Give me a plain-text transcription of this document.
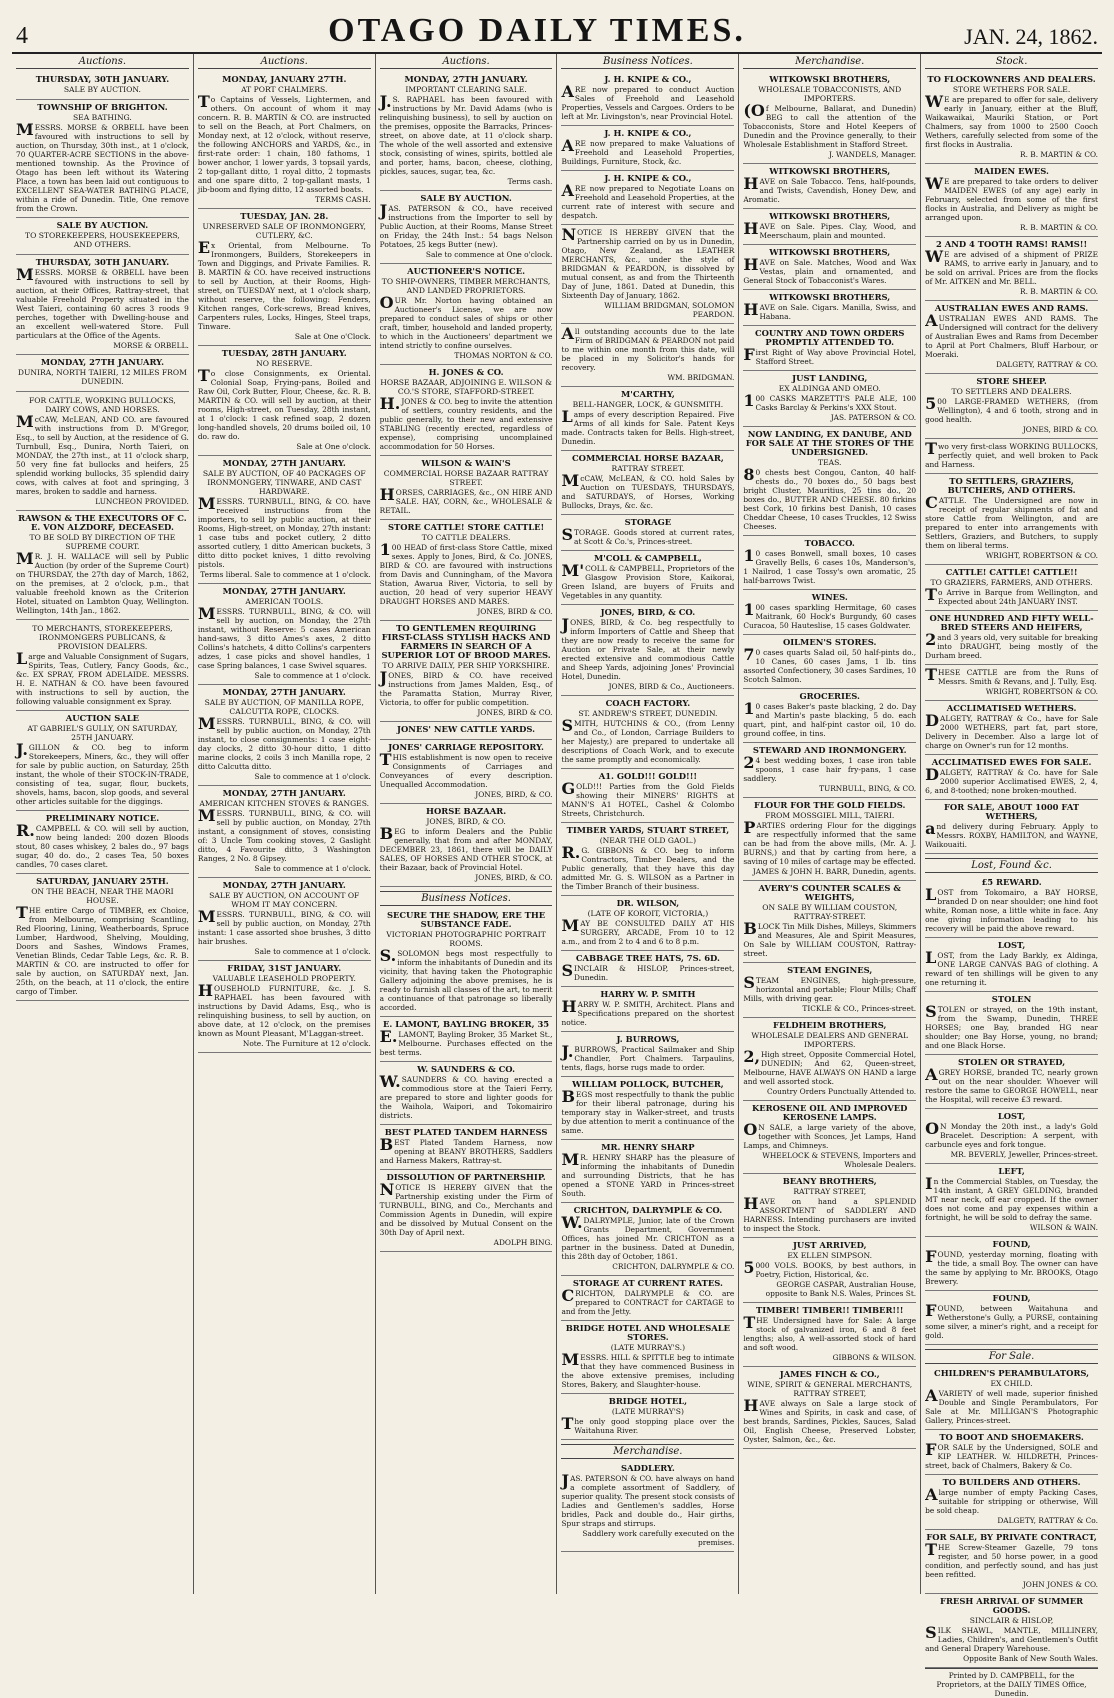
4	OTAGO DAILY TIMES.	JAN. 24, 1862.
Auctions.
THURSDAY, 30TH JANUARY.
SALE BY AUCTION.
TOWNSHIP OF BRIGHTON.
SEA BATHING.
MESSRS. MORSE & ORBELL have been favoured with instructions to sell by auction, on Thursday, 30th inst., at 1 o'clock, 70 QUARTER-ACRE SECTIONS in the above-mentioned township. As the Province of Otago has been left without its Watering Place, a town has been laid out contiguous to EXCELLENT SEA-WATER BATHING PLACE, within a ride of Dunedin. Title, One remove from the Crown.
SALE BY AUCTION.
TO STOREKEEPERS, HOUSEKEEPERS, AND OTHERS.
THURSDAY, 30TH JANUARY.
MESSRS. MORSE & ORBELL have been favoured with instructions to sell by auction, at their Offices, Rattray-street, that valuable Freehold Property situated in the West Taieri, containing 60 acres 3 roods 9 perches, together with Dwelling-house and an excellent well-watered Store. Full particulars at the Office of the Agents.
MORSE & ORBELL.
MONDAY, 27TH JANUARY.
DUNIRA, NORTH TAIERI, 12 MILES FROM DUNEDIN.
FOR CATTLE, WORKING BULLOCKS, DAIRY COWS, AND HORSES.
McCAW, McLEAN, AND CO. are favoured with instructions from D. M'Gregor, Esq., to sell by Auction, at the residence of G. Turnbull, Esq., Dunira, North Taieri, on MONDAY, the 27th inst., at 11 o'clock sharp, 50 very fine fat bullocks and heifers, 25 splendid working bullocks, 35 splendid dairy cows, with calves at foot and springing, 3 mares, broken to saddle and harness.
LUNCHEON PROVIDED.
RAWSON & THE EXECUTORS OF C. E. VON ALZDORF, DECEASED.
TO BE SOLD BY DIRECTION OF THE SUPREME COURT.
MR. J. H. WALLACE will sell by Public Auction (by order of the Supreme Court) on THURSDAY, the 27th day of March, 1862, on the premises, at 2 o'clock, p.m., that valuable freehold known as the Criterion Hotel, situated on Lambton Quay, Wellington. Wellington, 14th Jan., 1862.
TO MERCHANTS, STOREKEEPERS, IRONMONGERS PUBLICANS, & PROVISION DEALERS.
Large and Valuable Consignment of Sugars, Spirits, Teas, Cutlery, Fancy Goods, &c., &c. EX SPRAY, FROM ADELAIDE. MESSRS. H. E. NATHAN & CO. have been favoured with instructions to sell by auction, the following valuable consignment ex Spray.
AUCTION SALE
AT GABRIEL'S GULLY, ON SATURDAY, 25TH JANUARY.
J.GILLON & CO. beg to inform Storekeepers, Miners, &c., they will offer for sale by public auction, on Saturday, 25th instant, the whole of their STOCK-IN-TRADE, consisting of tea, sugar, flour, buckets, shovels, hams, bacon, slop goods, and several other articles suitable for the diggings.
PRELIMINARY NOTICE.
R.CAMPBELL & CO. will sell by auction, now being landed: 200 dozen Bloods stout, 80 cases whiskey, 2 bales do., 97 bags sugar, 40 do. do., 2 cases Tea, 50 boxes candles, 70 cases claret.
SATURDAY, JANUARY 25TH.
ON THE BEACH, NEAR THE MAORI HOUSE.
THE entire Cargo of TIMBER, ex Choice, from Melbourne, comprising Scantling, Red Flooring, Lining, Weatherboards, Spruce Lumber, Hardwood, Shelving, Moulding, Doors and Sashes, Windows Frames, Venetian Blinds, Cedar Table Legs, &c. R. B. MARTIN & CO. are instructed to offer for sale by auction, on SATURDAY next, Jan. 25th, on the beach, at 11 o'clock, the entire cargo of Timber.
Auctions.
MONDAY, JANUARY 27TH.
AT PORT CHALMERS.
To Captains of Vessels, Lightermen, and others. On account of whom it may concern. R. B. MARTIN & CO. are instructed to sell on the Beach, at Port Chalmers, on Monday next, at 12 o'clock, without reserve, the following ANCHORS and YARDS, &c., in first-rate order: 1 chain, 180 fathoms, 1 bower anchor, 1 lower yards, 3 topsail yards, 2 top-gallant ditto, 1 royal ditto, 2 topmasts and one spare ditto, 2 top-gallant masts, 1 jib-boom and flying ditto, 12 assorted boats.
TERMS CASH.
TUESDAY, JAN. 28.
UNRESERVED SALE OF IRONMONGERY, CUTLERY, &C.
Ex Oriental, from Melbourne. To Ironmongers, Builders, Storekeepers in Town and Diggings, and Private Families. R. B. MARTIN & CO. have received instructions to sell by Auction, at their Rooms, High-street, on TUESDAY next, at 1 o'clock sharp, without reserve, the following: Fenders, Kitchen ranges, Cork-screws, Bread knives, Carpenters rules, Locks, Hinges, Steel traps, Tinware.
Sale at One o'Clock.
TUESDAY, 28TH JANUARY.
NO RESERVE.
To close Consignments, ex Oriental. Colonial Soap, Frying-pans, Boiled and Raw Oil, Cork Butter, Flour, Cheese, &c. R. B. MARTIN & CO. will sell by auction, at their rooms, High-street, on Tuesday, 28th instant, at 1 o'clock: 1 cask refined soap, 2 dozen long-handled shovels, 20 drums boiled oil, 10 do. raw do.
Sale at One o'clock.
MONDAY, 27TH JANUARY.
SALE BY AUCTION, OF 40 PACKAGES OF IRONMONGERY, TINWARE, AND CAST HARDWARE.
MESSRS. TURNBULL, BING, & CO. have received instructions from the importers, to sell by public auction, at their Rooms, High-street, on Monday, 27th instant: 1 case tubs and pocket cutlery, 2 ditto assorted cutlery, 1 ditto American buckets, 3 ditto ditto pocket knives, 1 ditto revolving pistols.
Terms liberal. Sale to commence at 1 o'clock.
MONDAY, 27TH JANUARY.
AMERICAN TOOLS.
MESSRS. TURNBULL, BING, & CO. will sell by auction, on Monday, the 27th instant, without Reserve: 5 cases American hand-saws, 3 ditto Ames's axes, 2 ditto Collins's hatchets, 4 ditto Collins's carpenters adzes, 1 case picks and shovel handles, 1 case Spring balances, 1 case Swivel squares.
Sale to commence at 1 o'clock.
MONDAY, 27TH JANUARY.
SALE BY AUCTION, OF MANILLA ROPE, CALCUTTA ROPE, CLOCKS.
MESSRS. TURNBULL, BING, & CO. will sell by public auction, on Monday, 27th instant, to close consignments: 1 case eight-day clocks, 2 ditto 30-hour ditto, 1 ditto marine clocks, 2 coils 3 inch Manilla rope, 2 ditto Calcutta ditto.
Sale to commence at 1 o'clock.
MONDAY, 27TH JANUARY.
AMERICAN KITCHEN STOVES & RANGES.
MESSRS. TURNBULL, BING, & CO. will sell by public auction, on Monday, 27th instant, a consignment of stoves, consisting of: 3 Uncle Tom cooking stoves, 2 Gaslight ditto, 4 Favourite ditto, 3 Washington Ranges, 2 No. 8 Gipsey.
Sale to commence at 1 o'clock.
MONDAY, 27TH JANUARY.
SALE BY AUCTION, ON ACCOUNT OF WHOM IT MAY CONCERN.
MESSRS. TURNBULL, BING, & CO. will sell by public auction, on Monday, 27th instant: 1 case assorted shoe brushes, 3 ditto hair brushes.
Sale to commence at 1 o'clock.
FRIDAY, 31ST JANUARY.
VALUABLE LEASEHOLD PROPERTY.
HOUSEHOLD FURNITURE, &c. J. S. RAPHAEL has been favoured with instructions by David Adams, Esq., who is relinquishing business, to sell by auction, on above date, at 12 o'clock, on the premises known as Mount Pleasant, M'Laggan-street.
Note. The Furniture at 12 o'clock.
Auctions.
MONDAY, 27TH JANUARY.
IMPORTANT CLEARING SALE.
J.S. RAPHAEL has been favoured with instructions by Mr. David Adams (who is relinquishing business), to sell by auction on the premises, opposite the Barracks, Princes-street, on above date, at 11 o'clock sharp. The whole of the well assorted and extensive stock, consisting of wines, spirits, bottled ale and porter, hams, bacon, cheese, clothing, pickles, sauces, sugar, tea, &c.
Terms cash.
SALE BY AUCTION.
JAS. PATERSON & CO., have received instructions from the Importer to sell by Public Auction, at their Rooms, Manse Street on Friday, the 24th Inst.: 54 bags Nelson Potatoes, 25 kegs Butter (new).
Sale to commence at One o'clock.
AUCTIONEER'S NOTICE.
TO SHIP-OWNERS, TIMBER MERCHANTS, AND LANDED PROPRIETORS.
OUR Mr. Norton having obtained an Auctioneer's License, we are now prepared to conduct sales of ships or other craft, timber, household and landed property, to which in the Auctioneers' department we intend strictly to confine ourselves.
THOMAS NORTON & CO.
H. JONES & CO.
HORSE BAZAAR, ADJOINING E. WILSON & CO.'S STORE, STAFFORD-STREET.
H.JONES & CO. beg to invite the attention of settlers, country residents, and the public generally, to their new and extensive STABLING (recently erected, regardless of expense), comprising uncomplained accommodation for 50 Horses.
WILSON & WAIN'S
COMMERCIAL HORSE BAZAAR RATTRAY STREET.
HORSES, CARRIAGES, &c., ON HIRE AND SALE. HAY, CORN, &c., WHOLESALE & RETAIL.
STORE CATTLE! STORE CATTLE!
TO CATTLE DEALERS.
100 HEAD of first-class Store Cattle, mixed sexes. Apply to Jones, Bird, & Co. JONES, BIRD & CO. are favoured with instructions from Davis and Cunningham, of the Mavora Station, Awarua River, Victoria, to sell by auction, 20 head of very superior HEAVY DRAUGHT HORSES AND MARES.
JONES, BIRD & CO.
TO GENTLEMEN REQUIRING FIRST-CLASS STYLISH HACKS AND FARMERS IN SEARCH OF A SUPERIOR LOT OF BROOD MARES.
TO ARRIVE DAILY, PER SHIP YORKSHIRE.
JONES, BIRD & CO. have received instructions from James Malden, Esq., of the Paramatta Station, Murray River, Victoria, to offer for public competition.
JONES, BIRD & CO.
JONES' NEW CATTLE YARDS.
JONES' CARRIAGE REPOSITORY.
THIS establishment is now open to receive Consignments of Carriages and Conveyances of every description. Unequalled Accommodation.
JONES, BIRD, & CO.
HORSE BAZAAR.
JONES, BIRD, & CO.
BEG to inform Dealers and the Public generally, that from and after MONDAY, DECEMBER 23, 1861, there will be DAILY SALES, OF HORSES AND OTHER STOCK, at their Bazaar, back of Provincial Hotel.
JONES, BIRD, & CO.
Business Notices.
SECURE THE SHADOW, ERE THE SUBSTANCE FADE.
VICTORIAN PHOTOGRAPHIC PORTRAIT ROOMS.
S.SOLOMON begs most respectfully to inform the inhabitants of Dunedin and its vicinity, that having taken the Photographic Gallery adjoining the above premises, he is ready to furnish all classes of the art, to merit a continuance of that patronage so liberally accorded.
E. LAMONT, BAYLING BROKER, 35
E.LAMONT, Bayling Broker, 35 Market St., Melbourne. Purchases effected on the best terms.
W. SAUNDERS & CO.
W.SAUNDERS & CO. having erected a commodious store at the Taieri Ferry, are prepared to store and lighter goods for the Waihola, Waipori, and Tokomairiro districts.
BEST PLATED TANDEM HARNESS
BEST Plated Tandem Harness, now opening at BEANY BROTHERS, Saddlers and Harness Makers, Rattray-st.
DISSOLUTION OF PARTNERSHIP.
NOTICE IS HEREBY GIVEN that the Partnership existing under the Firm of TURNBULL, BING, and Co., Merchants and Commission Agents in Dunedin, will expire and be dissolved by Mutual Consent on the 30th Day of April next.
ADOLPH BING.
Business Notices.
J. H. KNIPE & CO.,
ARE now prepared to conduct Auction Sales of Freehold and Leasehold Properties, Vessels and Cargoes. Orders to be left at Mr. Livingston's, near Provincial Hotel.
J. H. KNIPE & CO.,
ARE now prepared to make Valuations of Freehold and Leasehold Properties, Buildings, Furniture, Stock, &c.
J. H. KNIPE & CO.,
ARE now prepared to Negotiate Loans on Freehold and Leasehold Properties, at the current rate of interest with secure and despatch.
NOTICE IS HEREBY GIVEN that the Partnership carried on by us in Dunedin, Otago, New Zealand, as LEATHER MERCHANTS, &c., under the style of BRIDGMAN & PEARDON, is dissolved by mutual consent, as and from the Thirteenth Day of June, 1861. Dated at Dunedin, this Sixteenth Day of January, 1862.
WILLIAM BRIDGMAN, SOLOMON PEARDON.
All outstanding accounts due to the late Firm of BRIDGMAN & PEARDON not paid to me within one month from this date, will be placed in my Solicitor's hands for recovery.
WM. BRIDGMAN.
M'CARTHY,
BELL-HANGER, LOCK, & GUNSMITH.
Lamps of every description Repaired. Five Arms of all kinds for Sale. Patent Keys made. Contracts taken for Bells. High-street, Dunedin.
COMMERCIAL HORSE BAZAAR,
RATTRAY STREET.
McCAW, McLEAN, & CO. hold Sales by Auction on TUESDAYS, THURSDAYS, and SATURDAYS, of Horses, Working Bullocks, Drays, &c. &c.
STORAGE
STORAGE. Goods stored at current rates, at Scott & Co.'s, Princes-street.
M'COLL & CAMPBELL,
M'COLL & CAMPBELL, Proprietors of the Glasgow Provision Store, Kaikorai, Green Island, are buyers of Fruits and Vegetables in any quantity.
JONES, BIRD, & CO.
JONES, BIRD, & Co. beg respectfully to inform Importers of Cattle and Sheep that they are now ready to receive the same for Auction or Private Sale, at their newly erected extensive and commodious Cattle and Sheep Yards, adjoining Jones' Provincial Hotel, Dunedin.
JONES, BIRD & Co., Auctioneers.
COACH FACTORY.
ST. ANDREW'S STREET, DUNEDIN.
SMITH, HUTCHINS & CO., (from Lenny and Co., of London, Carriage Builders to her Majesty,) are prepared to undertake all descriptions of Coach Work, and to execute the same promptly and economically.
A1. GOLD!!! GOLD!!!
GOLD!!! Parties from the Gold Fields showing their MINERS' RIGHTS at MANN'S A1 HOTEL, Cashel & Colombo Streets, Christchurch.
TIMBER YARDS, STUART STREET,
(NEAR THE OLD GAOL.)
R.G. GIBBONS & CO. beg to inform Contractors, Timber Dealers, and the Public generally, that they have this day admitted Mr. G. S. WILSON as a Partner in the Timber Branch of their business.
DR. WILSON,
(LATE OF KOROIT, VICTORIA,)
MAY BE CONSULTED DAILY AT HIS SURGERY, ARCADE, From 10 to 12 a.m., and from 2 to 4 and 6 to 8 p.m.
CABBAGE TREE HATS, 7S. 6D.
SINCLAIR & HISLOP, Princes-street, Dunedin.
HARRY W. P. SMITH
HARRY W. P. SMITH, Architect. Plans and Specifications prepared on the shortest notice.
J. BURROWS,
J.BURROWS, Practical Sailmaker and Ship Chandler, Port Chalmers. Tarpaulins, tents, flags, horse rugs made to order.
WILLIAM POLLOCK, BUTCHER,
BEGS most respectfully to thank the public for their liberal patronage, during his temporary stay in Walker-street, and trusts by due attention to merit a continuance of the same.
MR. HENRY SHARP
MR. HENRY SHARP has the pleasure of informing the inhabitants of Dunedin and surrounding Districts, that he has opened a STONE YARD in Princes-street South.
CRICHTON, DALRYMPLE & CO.
W.DALRYMPLE, Junior, late of the Crown Grants Department, Government Offices, has joined Mr. CRICHTON as a partner in the business. Dated at Dunedin, this 28th day of October, 1861.
CRICHTON, DALRYMPLE & CO.
STORAGE AT CURRENT RATES.
CRICHTON, DALRYMPLE & CO. are prepared to CONTRACT for CARTAGE to and from the Jetty.
BRIDGE HOTEL AND WHOLESALE STORES.
(LATE MURRAY'S.)
MESSRS. HILL & SPITTLE beg to intimate that they have commenced Business in the above extensive premises, including Stores, Bakery, and Slaughter-house.
BRIDGE HOTEL,
(LATE MURRAY'S)
The only good stopping place over the Waitahuna River.
Merchandise.
SADDLERY.
JAS. PATERSON & CO. have always on hand a complete assortment of Saddlery, of superior quality. The present stock consists of Ladies and Gentlemen's saddles, Horse bridles, Pack and double do., Hair girths, Spur straps and stirrups.
Saddlery work carefully executed on the premises.
Merchandise.
WITKOWSKI BROTHERS,
WHOLESALE TOBACCONISTS, AND IMPORTERS.
(Of Melbourne, Ballarat, and Dunedin) BEG to call the attention of the Tobacconists, Store and Hotel Keepers of Dunedin and the Province generally, to their Wholesale Establishment in Stafford Street.
J. WANDELS, Manager.
WITKOWSKI BROTHERS,
HAVE on Sale Tobacco. Tens, half-pounds, and Twists, Cavendish, Honey Dew, and Aromatic.
WITKOWSKI BROTHERS,
HAVE on Sale. Pipes. Clay, Wood, and Meerschaum, plain and mounted.
WITKOWSKI BROTHERS,
HAVE on Sale. Matches, Wood and Wax Vestas, plain and ornamented, and General Stock of Tobacconist's Wares.
WITKOWSKI BROTHERS,
HAVE on Sale. Cigars. Manilla, Swiss, and Habana.
COUNTRY AND TOWN ORDERS PROMPTLY ATTENDED TO.
First Right of Way above Provincial Hotel, Stafford Street.
JUST LANDING,
EX ALDINGA AND OMEO.
100 CASKS MARZETTI'S PALE ALE, 100 Casks Barclay & Perkins's XXX Stout.
JAS. PATERSON & CO.
NOW LANDING, EX DANUBE, AND FOR SALE AT THE STORES OF THE UNDERSIGNED.
TEAS.
80 chests best Congou, Canton, 40 half-chests do., 70 boxes do., 50 bags best bright Cluster, Mauritius, 25 tins do., 20 boxes do., BUTTER AND CHEESE. 80 firkins best Cork, 10 firkins best Danish, 10 cases Cheddar Cheese, 10 cases Truckles, 12 Swiss Cheeses.
TOBACCO.
10 cases Bonwell, small boxes, 10 cases Gravelly Bells, 6 cases 10s, Manderson's, 1 Nailrod, 1 case Tossy's own aromatic, 25 half-barrows Twist.
WINES.
100 cases sparkling Hermitage, 60 cases Maitrank, 60 Hock's Burgundy, 60 cases Curacoa, 50 Hauteslise, 15 cases Goldwater.
OILMEN'S STORES.
70 cases quarts Salad oil, 50 half-pints do., 10 Canes, 60 cases Jams, 1 lb. tins assorted Confectionery, 30 cases Sardines, 10 Scotch Salmon.
GROCERIES.
10 cases Baker's paste blacking, 2 do. Day and Martin's paste blacking, 5 do. each quart, pint, and half-pint castor oil, 10 do. ground coffee, in tins.
STEWARD AND IRONMONGERY.
24 best wedding boxes, 1 case iron table spoons, 1 case hair fry-pans, 1 case saddlery.
TURNBULL, BING, & CO.
FLOUR FOR THE GOLD FIELDS.
FROM MOSSGIEL MILL, TAIERI.
PARTIES ordering Flour for the diggings are respectfully informed that the same can be had from the above mills, (Mr. A. J. BURNS,) and that by carting from here, a saving of 10 miles of cartage may be effected.
JAMES & JOHN H. BARR, Dunedin, agents.
AVERY'S COUNTER SCALES & WEIGHTS,
ON SALE BY WILLIAM COUSTON, RATTRAY-STREET.
BLOCK Tin Milk Dishes, Milleys, Skimmers and Measures, Ale and Spirit Measures, On Sale by WILLIAM COUSTON, Rattray-street.
STEAM ENGINES,
STEAM ENGINES, high-pressure, horizontal and portable; Flour Mills; Chaff Mills, with driving gear.
TICKLE & CO., Princes-street.
FELDHEIM BROTHERS,
WHOLESALE DEALERS AND GENERAL IMPORTERS.
2,High street, Opposite Commercial Hotel, DUNEDIN; And 62, Queen-street, Melbourne, HAVE ALWAYS ON HAND a large and well assorted stock.
Country Orders Punctually Attended to.
KEROSENE OIL AND IMPROVED KEROSENE LAMPS.
ON SALE, a large variety of the above, together with Sconces, Jet Lamps, Hand Lamps, and Chimneys.
WHEELOCK & STEVENS, Importers and Wholesale Dealers.
BEANY BROTHERS,
RATTRAY STREET,
HAVE on hand a SPLENDID ASSORTMENT of SADDLERY AND HARNESS. Intending purchasers are invited to inspect the Stock.
JUST ARRIVED,
EX ELLEN SIMPSON.
5000 VOLS. BOOKS, by best authors, in Poetry, Fiction, Historical, &c.
GEORGE CASPAR, Australian House, opposite to Bank N.S. Wales, Princes St.
TIMBER! TIMBER!! TIMBER!!!
THE Undersigned have for Sale: A large stock of galvanized iron, 6 and 8 feet lengths; also, A well-assorted stock of hard and soft wood.
GIBBONS & WILSON.
JAMES FINCH & CO.,
WINE, SPIRIT & GENERAL MERCHANTS, RATTRAY STREET,
HAVE always on Sale a large stock of Wines and Spirits, in cask and case, of best brands, Sardines, Pickles, Sauces, Salad Oil, English Cheese, Preserved Lobster, Oyster, Salmon, &c., &c.
Stock.
TO FLOCKOWNERS AND DEALERS.
STORE WETHERS FOR SALE.
WE are prepared to offer for sale, delivery early in January, either at the Bluff, Waikawaikai, Mauriki Station, or Port Chalmers, say from 1000 to 2500 Cooch Wethers, carefully selected from some of the first flocks in Australia.
R. B. MARTIN & CO.
MAIDEN EWES.
WE are prepared to take orders to deliver MAIDEN EWES (of any age) early in February, selected from some of the first flocks in Australia, and Delivery as might be arranged upon.
R. B. MARTIN & CO.
2 AND 4 TOOTH RAMS! RAMS!!
WE are advised of a shipment of PRIZE RAMS, to arrive early in January, and to be sold on arrival. Prices are from the flocks of Mr. AITKEN and Mr. BELL.
R. B. MARTIN & CO.
AUSTRALIAN EWES AND RAMS.
AUSTRALIAN EWES AND RAMS. The Undersigned will contract for the delivery of Australian Ewes and Rams from December to April at Port Chalmers, Bluff Harbour, or Moeraki.
DALGETY, RATTRAY & CO.
STORE SHEEP.
TO SETTLERS AND DEALERS.
500 LARGE-FRAMED WETHERS, (from Wellington), 4 and 6 tooth, strong and in good health.
JONES, BIRD & CO.
Two very first-class WORKING BULLOCKS, perfectly quiet, and well broken to Pack and Harness.
TO SETTLERS, GRAZIERS, BUTCHERS, AND OTHERS.
CATTLE. The Undersigned are now in receipt of regular shipments of fat and store Cattle from Wellington, and are prepared to enter into arrangements with Settlers, Graziers, and Butchers, to supply them on liberal terms.
WRIGHT, ROBERTSON & CO.
CATTLE! CATTLE! CATTLE!!
TO GRAZIERS, FARMERS, AND OTHERS.
To Arrive in Barque from Wellington, and Expected about 24th JANUARY INST.
ONE HUNDRED AND FIFTY WELL-BRED STEERS AND HEIFERS,
2and 3 years old, very suitable for breaking into DRAUGHT, being mostly of the Durham breed.
THESE CATTLE are from the Runs of Messrs. Smith & Revans, and J. Tully, Esq.
WRIGHT, ROBERTSON & CO.
ACCLIMATISED WETHERS.
DALGETY, RATTRAY & Co., have for Sale 2000 WETHERS, part fat, part store, Delivery in December. Also a large lot of charge on Owner's run for 12 months.
ACCLIMATISED EWES FOR SALE.
DALGETY, RATTRAY & Co. have for Sale 2000 superior Acclimatised EWES, 2, 4, 6, and 8-toothed; none broken-mouthed.
FOR SALE, ABOUT 1000 FAT WETHERS,
and delivery during February. Apply to Messrs. ROXBY, HAMILTON, and WAYNE, Waikouaiti.
Lost, Found &c.
£5 REWARD.
LOST from Tokomairo, a BAY HORSE, branded D on near shoulder; one hind foot white, Roman nose, a little white in face. Any one giving information leading to his recovery will be paid the above reward.
LOST,
LOST, from the Lady Barkly, ex Aldinga, ONE LARGE CANVAS BAG of clothing. A reward of ten shillings will be given to any one returning it.
STOLEN
STOLEN or strayed, on the 19th instant, from the Swamp, Dunedin, THREE HORSES; one Bay, branded HG near shoulder; one Bay Horse, young, no brand; and one Black Horse.
STOLEN OR STRAYED,
AGREY HORSE, branded TC, nearly grown out on the near shoulder. Whoever will restore the same to GEORGE HOWELL, near the Hospital, will receive £3 reward.
LOST,
ON Monday the 20th inst., a lady's Gold Bracelet. Description: A serpent, with carbuncle eyes and fork tongue.
MR. BEVERLY, Jeweller, Princes-street.
LEFT,
In the Commercial Stables, on Tuesday, the 14th instant, A GREY GELDING, branded MT near neck, off ear cropped. If the owner does not come and pay expenses within a fortnight, he will be sold to defray the same.
WILSON & WAIN.
FOUND,
FOUND, yesterday morning, floating with the tide, a small Boy. The owner can have the same by applying to Mr. BROOKS, Otago Brewery.
FOUND,
FOUND, between Waitahuna and Wetherstone's Gully, a PURSE, containing some silver, a miner's right, and a receipt for gold.
For Sale.
CHILDREN'S PERAMBULATORS,
EX CHILD.
AVARIETY of well made, superior finished Double and Single Perambulators, For Sale at Mr. MILLIGAN'S Photographic Gallery, Princes-street.
TO BOOT AND SHOEMAKERS.
FOR SALE by the Undersigned, SOLE and KIP LEATHER. W. HILDRETH, Princes-street, back of Chalmers, Bakery & Co.
TO BUILDERS AND OTHERS.
Alarge number of empty Packing Cases, suitable for stripping or otherwise, Will be sold cheap.
DALGETY, RATTRAY & Co.
FOR SALE, BY PRIVATE CONTRACT,
THE Screw-Steamer Gazelle, 79 tons register, and 50 horse power, in a good condition, and perfectly sound, and has just been refitted.
JOHN JONES & CO.
FRESH ARRIVAL OF SUMMER GOODS.
SINCLAIR & HISLOP,
SILK SHAWL, MANTLE, MILLINERY, Ladies, Children's, and Gentlemen's Outfit and General Drapery Warehouse.
Opposite Bank of New South Wales.
Printed by D. CAMPBELL, for the Proprietors, at the DAILY TIMES Office, Dunedin.
